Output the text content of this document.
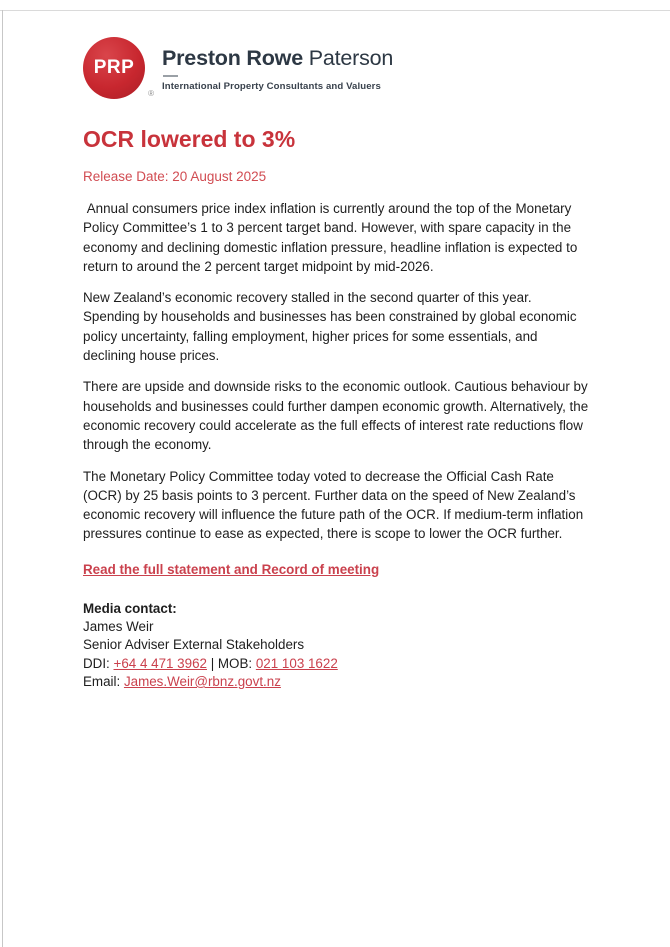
PRP
®
Preston Rowe Paterson
International Property Consultants and Valuers
OCR lowered to 3%
Release Date: 20 August 2025

Annual consumers price index inflation is currently around the top of the Monetary Policy Committee’s 1 to 3 percent target band. However, with spare capacity in the economy and declining domestic inflation pressure, headline inflation is expected to return to around the 2 percent target midpoint by mid-2026.

New Zealand’s economic recovery stalled in the second quarter of this year. Spending by households and businesses has been constrained by global economic policy uncertainty, falling employment, higher prices for some essentials, and declining house prices.

There are upside and downside risks to the economic outlook. Cautious behaviour by households and businesses could further dampen economic growth. Alternatively, the economic recovery could accelerate as the full effects of interest rate reductions flow through the economy.

The Monetary Policy Committee today voted to decrease the Official Cash Rate (OCR) by 25 basis points to 3 percent. Further data on the speed of New Zealand’s economic recovery will influence the future path of the OCR. If medium-term inflation pressures continue to ease as expected, there is scope to lower the OCR further.

Read the full statement and Record of meeting
Media contact:
James Weir
Senior Adviser External Stakeholders
DDI: +64 4 471 3962 | MOB: 021 103 1622
Email: James.Weir@rbnz.govt.nz
